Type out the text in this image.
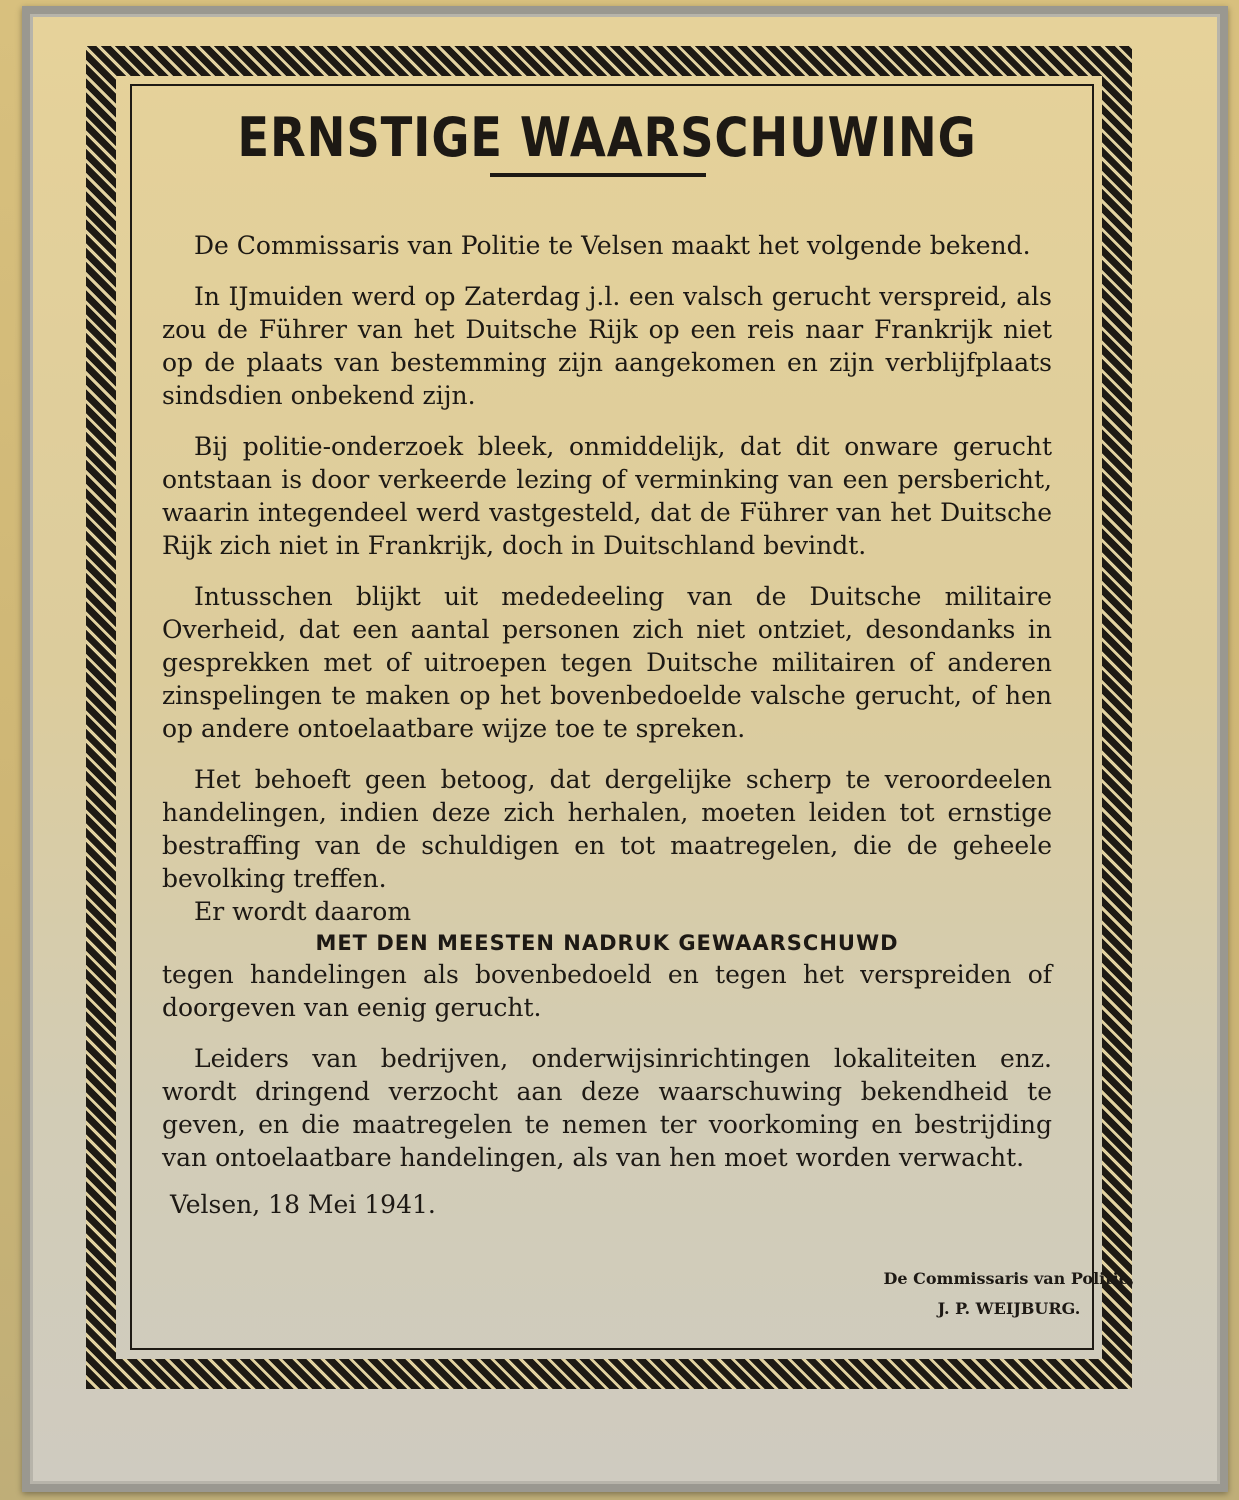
ERNSTIGE WAARSCHUWING

De Commissaris van Politie te Velsen maakt het volgende bekend.

In IJmuiden werd op Zaterdag j.l. een valsch gerucht verspreid, als zou de Führer van het Duitsche Rijk op een reis naar Frankrijk niet op de plaats van bestemming zijn aangekomen en zijn verblijfplaats sindsdien onbekend zijn.

Bij politie-onderzoek bleek, onmiddelijk, dat dit onware gerucht ontstaan is door verkeerde lezing of verminking van een persbericht, waarin integendeel werd vastgesteld, dat de Führer van het Duitsche Rijk zich niet in Frankrijk, doch in Duitschland bevindt.

Intusschen blijkt uit mededeeling van de Duitsche militaire Overheid, dat een aantal personen zich niet ontziet, desondanks in gesprekken met of uitroepen tegen Duitsche militairen of anderen zinspelingen te maken op het bovenbedoelde valsche gerucht, of hen op andere ontoelaatbare wijze toe te spreken.

Het behoeft geen betoog, dat dergelijke scherp te veroordeelen handelingen, indien deze zich herhalen, moeten leiden tot ernstige bestraffing van de schuldigen en tot maatregelen, die de geheele bevolking treffen.

Er wordt daarom

MET DEN MEESTEN NADRUK GEWAARSCHUWD

tegen handelingen als bovenbedoeld en tegen het verspreiden of doorgeven van eenig gerucht.

Leiders van bedrijven, onderwijsinrichtingen lokaliteiten enz. wordt dringend verzocht aan deze waarschuwing bekendheid te geven, en die maatregelen te nemen ter voorkoming en bestrijding van ontoelaatbare handelingen, als van hen moet worden verwacht.

Velsen, 18 Mei 1941.

De Commissaris van Politie,
J. P. WEIJBURG.
